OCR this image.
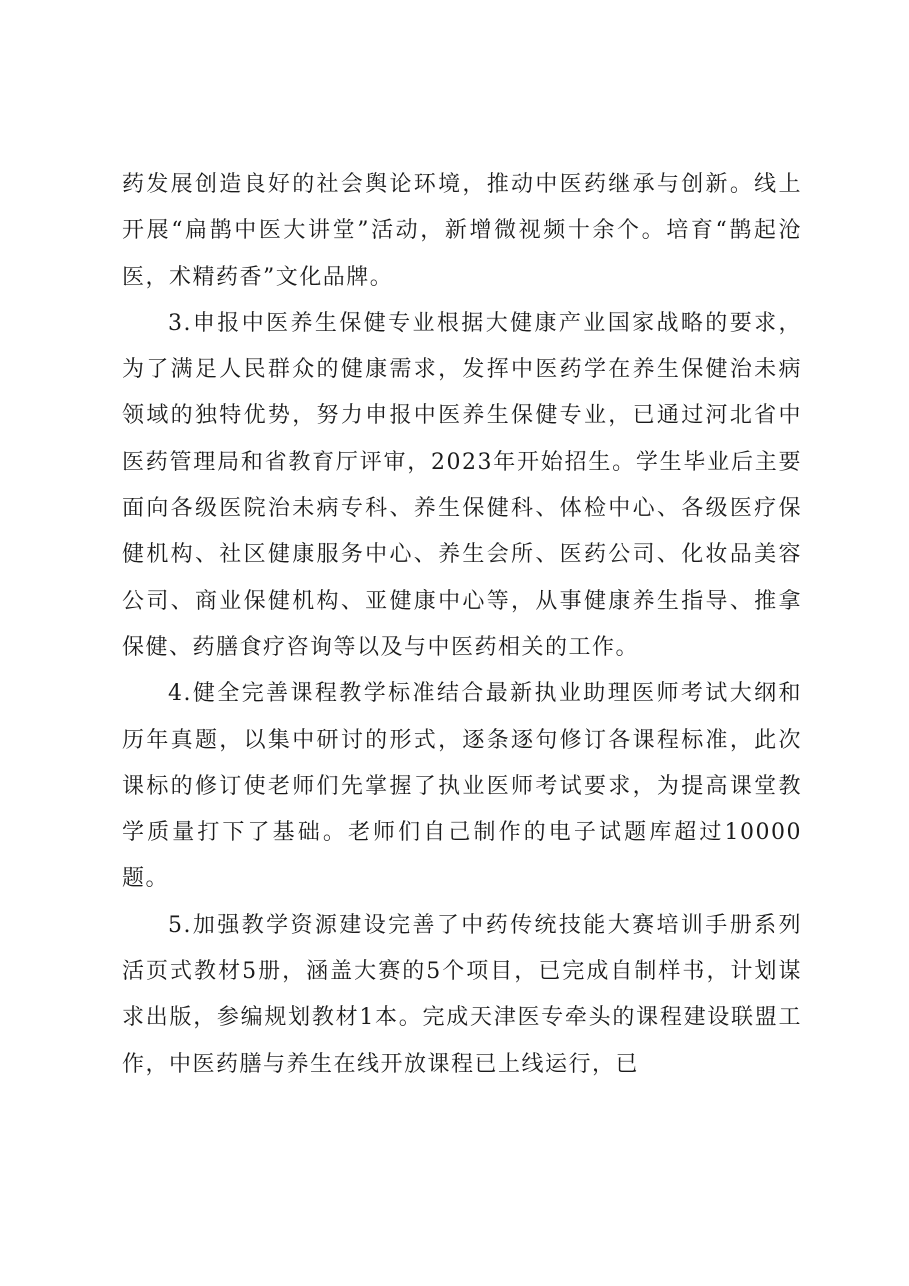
药发展创造良好的社会舆论环境，推动中医药继承与创新。线上开展“扁鹊中医大讲堂”活动，新增微视频十余个。培育“鹊起沧医，术精药香”文化品牌。

3.申报中医养生保健专业根据大健康产业国家战略的要求，为了满足人民群众的健康需求，发挥中医药学在养生保健治未病领域的独特优势，努力申报中医养生保健专业，已通过河北省中医药管理局和省教育厅评审，2023年开始招生。学生毕业后主要面向各级医院治未病专科、养生保健科、体检中心、各级医疗保健机构、社区健康服务中心、养生会所、医药公司、化妆品美容公司、商业保健机构、亚健康中心等，从事健康养生指导、推拿保健、药膳食疗咨询等以及与中医药相关的工作。

4.健全完善课程教学标准结合最新执业助理医师考试大纲和历年真题，以集中研讨的形式，逐条逐句修订各课程标准，此次课标的修订使老师们先掌握了执业医师考试要求，为提高课堂教学质量打下了基础。老师们自己制作的电子试题库超过10000题。

5.加强教学资源建设完善了中药传统技能大赛培训手册系列活页式教材5册，涵盖大赛的5个项目，已完成自制样书，计划谋求出版，参编规划教材1本。完成天津医专牵头的课程建设联盟工作，中医药膳与养生在线开放课程已上线运行，已
